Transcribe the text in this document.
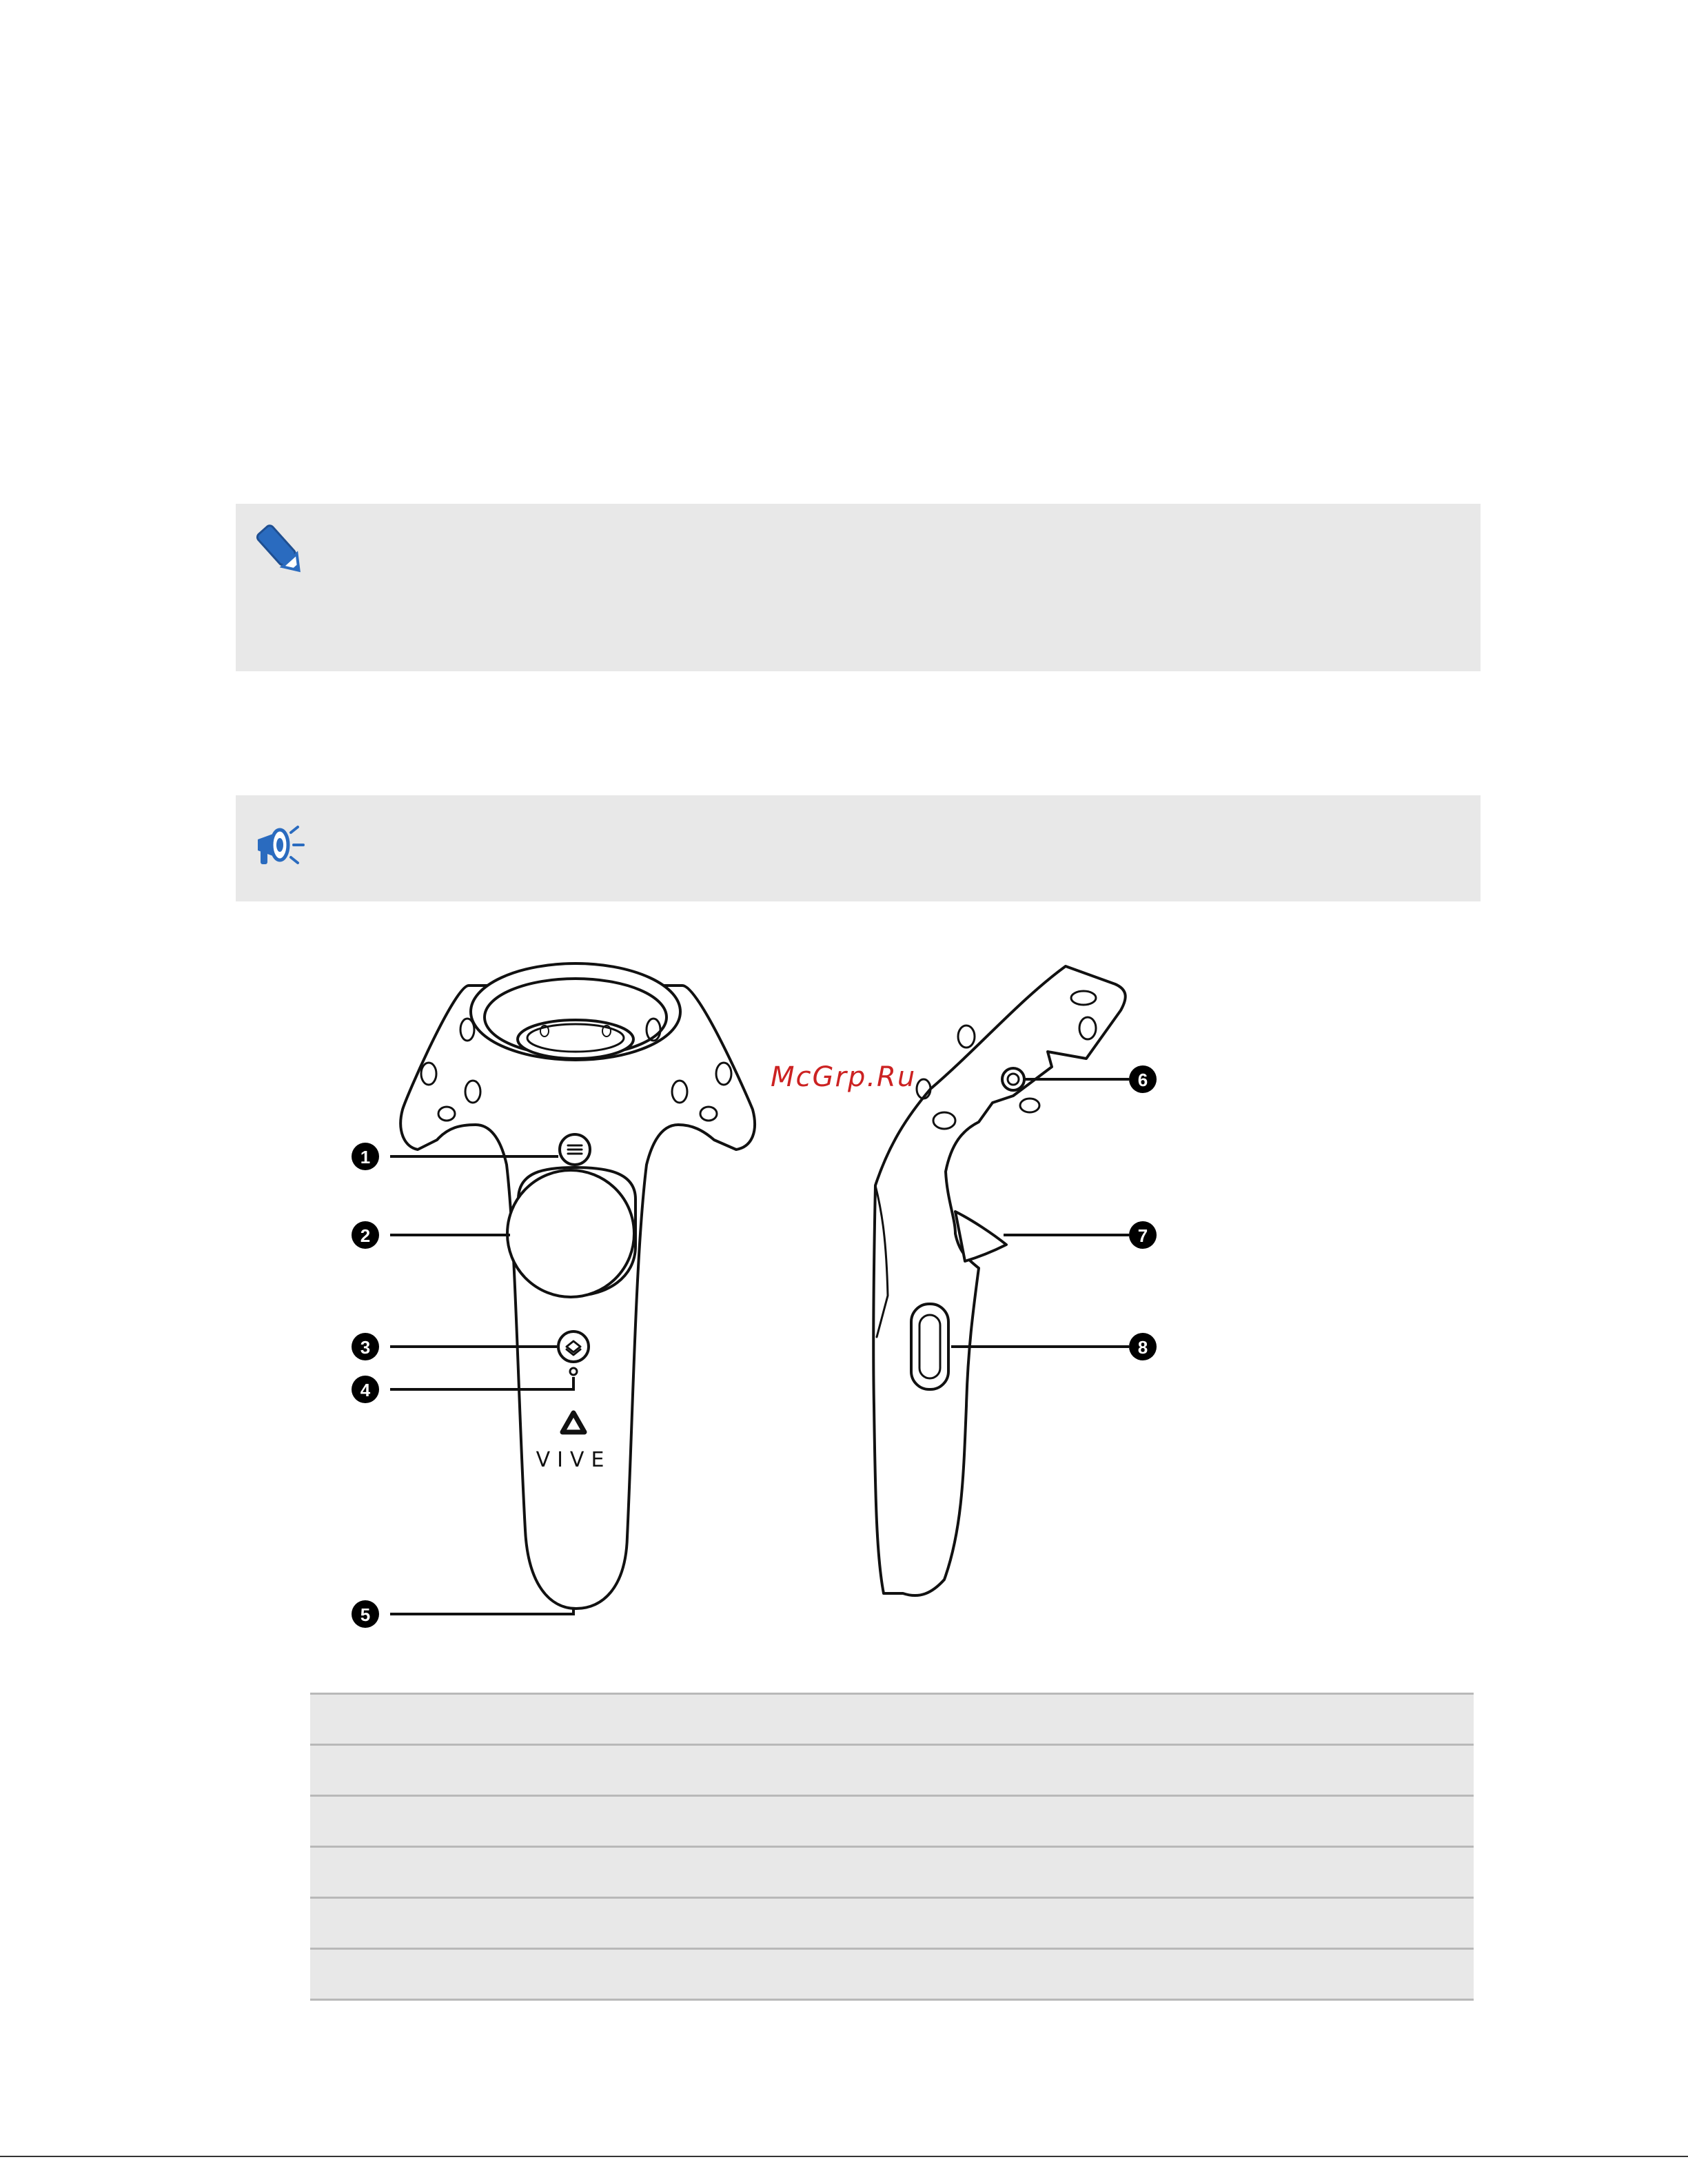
1
2
3
4
5
6
7
8
VIVE
McGrp.Ru
